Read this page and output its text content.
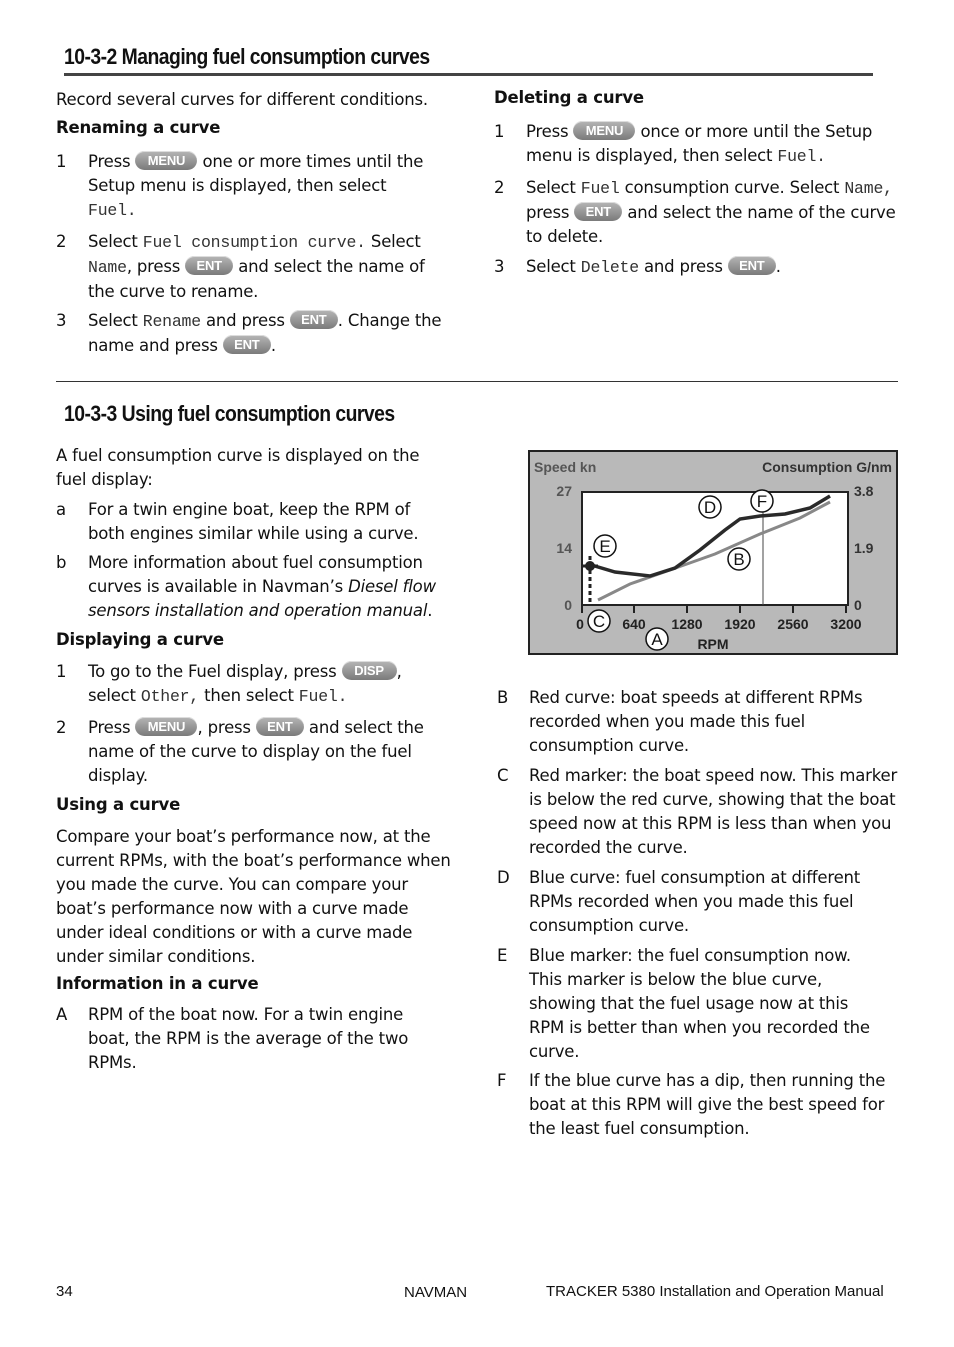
10-3-2 Managing fuel consumption curves
Record several curves for different conditions.
Renaming a curve
1 Press MENU one or more times until the Setup menu is displayed, then select Fuel.
2 Select Fuel consumption curve. Select Name, press ENT and select the name of the curve to rename.
3 Select Rename and press ENT . Change the name and press ENT .
Deleting a curve
1 Press MENU once or more until the Setup menu is displayed, then select Fuel.
2 Select Fuel consumption curve. Select Name, press ENT and select the name of the curve to delete.
3 Select Delete and press ENT .
10-3-3 Using fuel consumption curves
A fuel consumption curve is displayed on the fuel display:
a For a twin engine boat, keep the RPM of both engines similar while using a curve.
b More information about fuel consumption curves is available in Navman’s Diesel flow sensors installation and operation manual.
Displaying a curve
1 To go to the Fuel display, press DISP , select Other, then select Fuel.
2 Press MENU , press ENT and select the name of the curve to display on the fuel display.
Using a curve
Compare your boat’s performance now, at the current RPMs, with the boat’s performance when you made the curve. You can compare your boat’s performance now with a curve made under ideal conditions or with a curve made under similar conditions.
Information in a curve
A RPM of the boat now. For a twin engine boat, the RPM is the average of the two RPMs.
Speed kn	Consumption G/nm
27
14
0
3.8
1.9
0
0	640 1280 1920 2560 3200
RPM
A
B
C
D
E
F
B Red curve: boat speeds at different RPMs recorded when you made this fuel consumption curve.
C Red marker: the boat speed now. This marker is below the red curve, showing that the boat speed now at this RPM is less than when you recorded the curve.
D Blue curve: fuel consumption at different RPMs recorded when you made this fuel consumption curve.
E Blue marker: the fuel consumption now. This marker is below the blue curve, showing that the fuel usage now at this RPM is better than when you recorded the curve.
F If the blue curve has a dip, then running the boat at this RPM will give the best speed for the least fuel consumption.
34	NAVMAN	TRACKER 5380 Installation and Operation Manual
